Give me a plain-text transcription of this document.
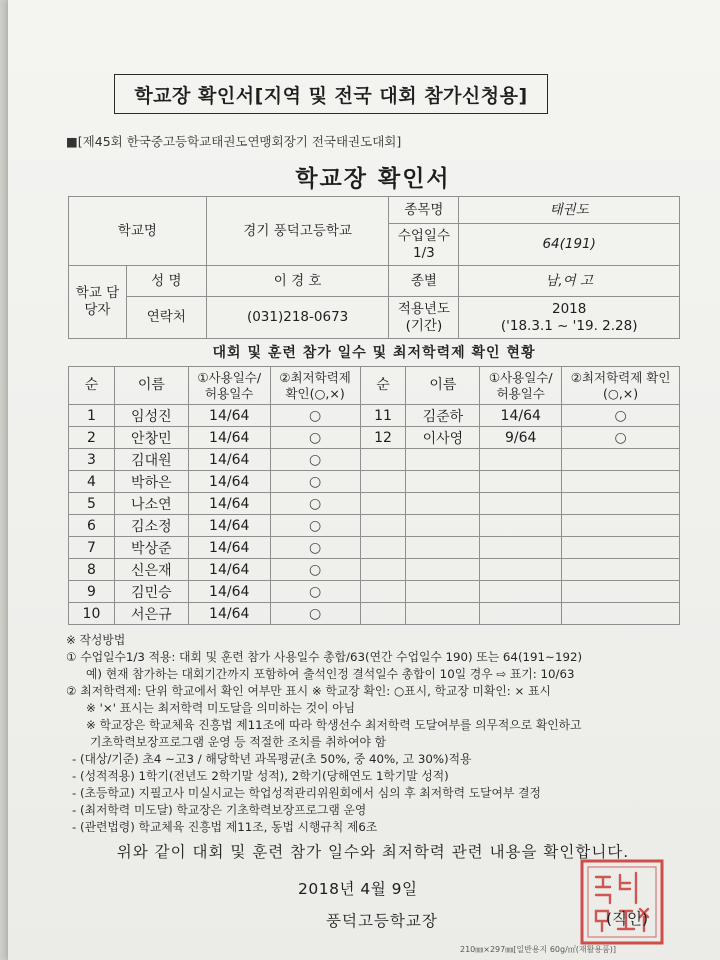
학교장 확인서[지역 및 전국 대회 참가신청용]
■[제45회 한국중고등학교태권도연맹회장기 전국태권도대회]
학교장 확인서
학교명		경기 풍덕고등학교	종목명	태권도
			수업일수 1/3	64(191)
학교 담당자	성 명	이 경 호	종별	남,여 고
	연락처	(031)218-0673	적용년도 (기간)	2018
('18.3.1 ~ '19. 2.28)
대회 및 훈련 참가 일수 및 최저학력제 확인 현황
순	이름	①사용일수/ 허용일수	②최저학력제 확인(○,×)	순	이름	①사용일수/ 허용일수	②최저학력제 확인(○,×)
1	임성진	14/64	○	11	김준하	14/64	○
2	안창민	14/64	○	12	이사영	9/64	○
3	김대원	14/64	○				
4	박하은	14/64	○				
5	나소연	14/64	○				
6	김소정	14/64	○				
7	박상준	14/64	○				
8	신은재	14/64	○				
9	김민승	14/64	○				
10	서은규	14/64	○				
※ 작성방법
① 수업일수1/3 적용: 대회 및 훈련 참가 사용일수 총합/63(연간 수업일수 190) 또는 64(191~192)
예) 현재 참가하는 대회기간까지 포함하여 출석인정 결석일수 총합이 10일 경우 ⇨ 표기: 10/63
② 최저학력제: 단위 학교에서 확인 여부만 표시 ※ 학교장 확인: ○표시, 학교장 미확인: × 표시
※ '×' 표시는 최저학력 미도달을 의미하는 것이 아님
※ 학교장은 학교체육 진흥법 제11조에 따라 학생선수 최저학력 도달여부를 의무적으로 확인하고
기초학력보장프로그램 운영 등 적절한 조치를 취하여야 함
- (대상/기준) 초4 ~고3 / 해당학년 과목평균(초 50%, 중 40%, 고 30%)적용
- (성적적용) 1학기(전년도 2학기말 성적), 2학기(당해연도 1학기말 성적)
- (초등학교) 지필고사 미실시교는 학업성적관리위원회에서 심의 후 최저학력 도달여부 결정
- (최저학력 미도달) 학교장은 기초학력보장프로그램 운영
- (관련법령) 학교체육 진흥법 제11조, 동법 시행규칙 제6조
위와 같이 대회 및 훈련 참가 일수와 최저학력 관련 내용을 확인합니다.
2018년 4월 9일
풍덕고등학교장	(직인)
210㎜×297㎜[일반용지 60g/㎡(재활용품)]
